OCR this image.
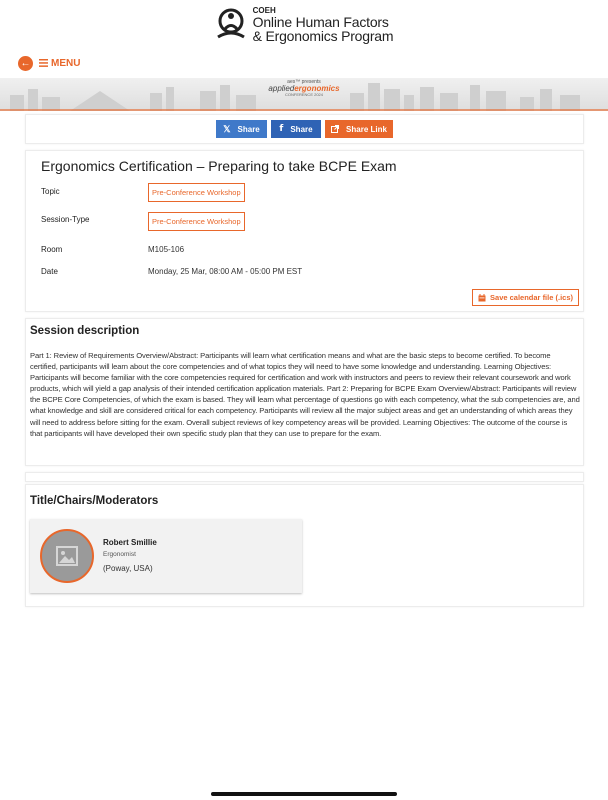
COEH
Online Human Factors
& Ergonomics Program
← MENU
aes™ presents
appliedergonomics
CONFERENCE 2024
𝕏 Share f Share	Share Link
Ergonomics Certification – Preparing to take BCPE Exam
Topic	Pre-Conference Workshop
Session-Type	Pre-Conference Workshop
Room	M105-106
Date	Monday, 25 Mar, 08:00 AM - 05:00 PM EST
Save calendar file (.ics)
Session description
Part 1: Review of Requirements Overview/Abstract: Participants will learn what certification means and what are the basic steps to become certified. To become certified, participants will learn about the core competencies and of what topics they will need to have some knowledge and understanding. Learning Objectives: Participants will become familiar with the core competencies required for certification and work with instructors and peers to review their relevant coursework and work products, which will yield a gap analysis of their intended certification application materials. Part 2: Preparing for BCPE Exam Overview/Abstract: Participants will review the BCPE Core Competencies, of which the exam is based. They will learn what percentage of questions go with each competency, what the sub competencies are, and what knowledge and skill are considered critical for each competency. Participants will review all the major subject areas and get an understanding of which areas they will need to address before sitting for the exam. Overall subject reviews of key competency areas will be provided. Learning Objectives: The outcome of the course is that participants will have developed their own specific study plan that they can use to prepare for the exam.
Title/Chairs/Moderators
Robert Smillie
Ergonomist
(Poway, USA)
